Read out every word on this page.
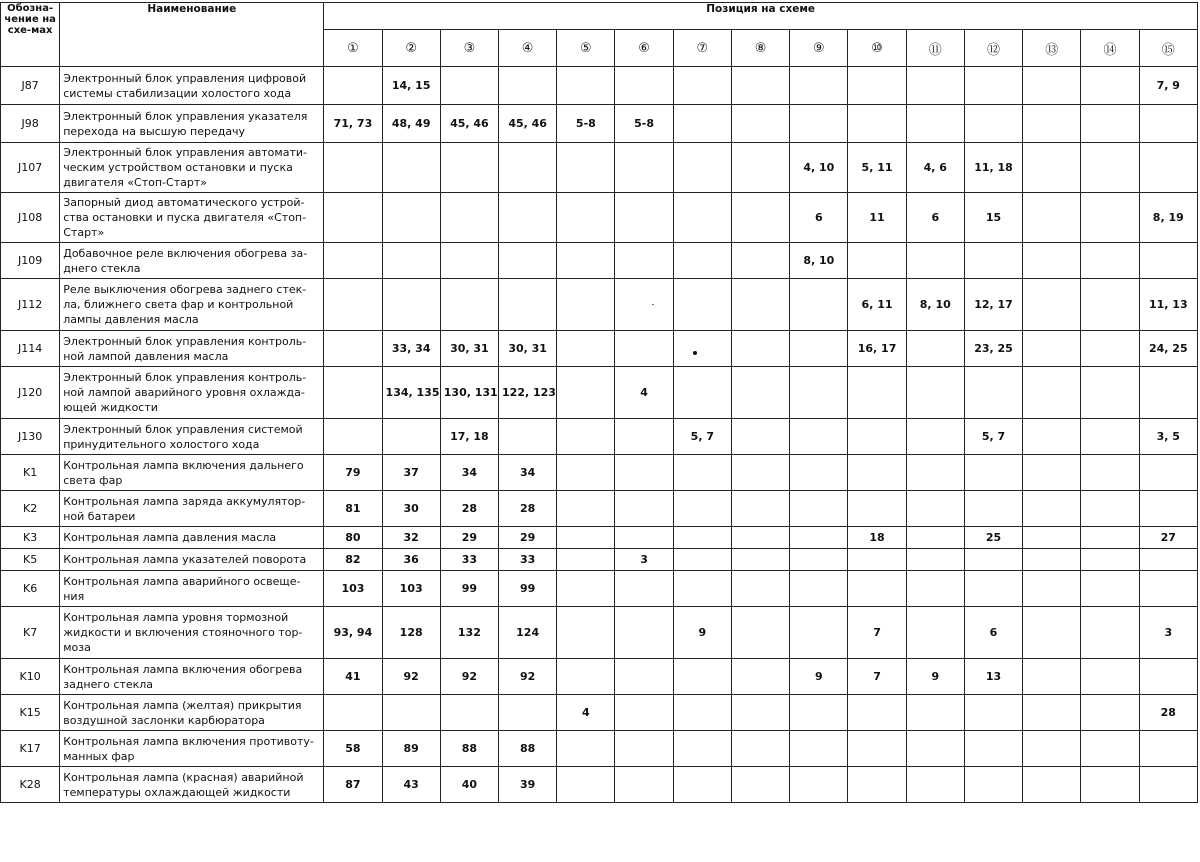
Обозна-чение на схе-мах	Наименование	Позиция на схеме														
		①	②	③	④	⑤	⑥	⑦	⑧	⑨	⑩	⑪	⑫	⑬	⑭	⑮
J87	Электронный блок управления цифровой системы стабилизации холостого хода		14, 15													7, 9
J98	Электронный блок управления указателя перехода на высшую передачу	71, 73	48, 49	45, 46	45, 46	5-8	5-8									
J107	Электронный блок управления автомати-ческим устройством остановки и пуска двигателя «Стоп-Старт»									4, 10	5, 11	4, 6	11, 18			
J108	Запорный диод автоматического устрой-ства остановки и пуска двигателя «Стоп-Старт»									6	11	6	15			8, 19
J109	Добавочное реле включения обогрева за-днего стекла									8, 10						
J112	Реле выключения обогрева заднего стек-ла, ближнего света фар и контрольной лампы давления масла										6, 11	8, 10	12, 17			11, 13
J114	Электронный блок управления контроль-ной лампой давления масла		33, 34	30, 31	30, 31						16, 17		23, 25			24, 25
J120	Электронный блок управления контроль-ной лампой аварийного уровня охлажда-ющей жидкости		134, 135	130, 131	122, 123		4									
J130	Электронный блок управления системой принудительного холостого хода			17, 18				5, 7					5, 7			3, 5
K1	Контрольная лампа включения дальнего света фар	79	37	34	34											
K2	Контрольная лампа заряда аккумулятор-ной батареи	81	30	28	28											
K3	Контрольная лампа давления масла	80	32	29	29						18		25			27
K5	Контрольная лампа указателей поворота	82	36	33	33		3									
K6	Контрольная лампа аварийного освеще-ния	103	103	99	99											
K7	Контрольная лампа уровня тормозной жидкости и включения стояночного тор-моза	93, 94	128	132	124			9			7		6			3
K10	Контрольная лампа включения обогрева заднего стекла	41	92	92	92					9	7	9	13			
K15	Контрольная лампа (желтая) прикрытия воздушной заслонки карбюратора					4										28
K17	Контрольная лампа включения противоту-манных фар	58	89	88	88											
K28	Контрольная лампа (красная) аварийной температуры охлаждающей жидкости	87	43	40	39											
